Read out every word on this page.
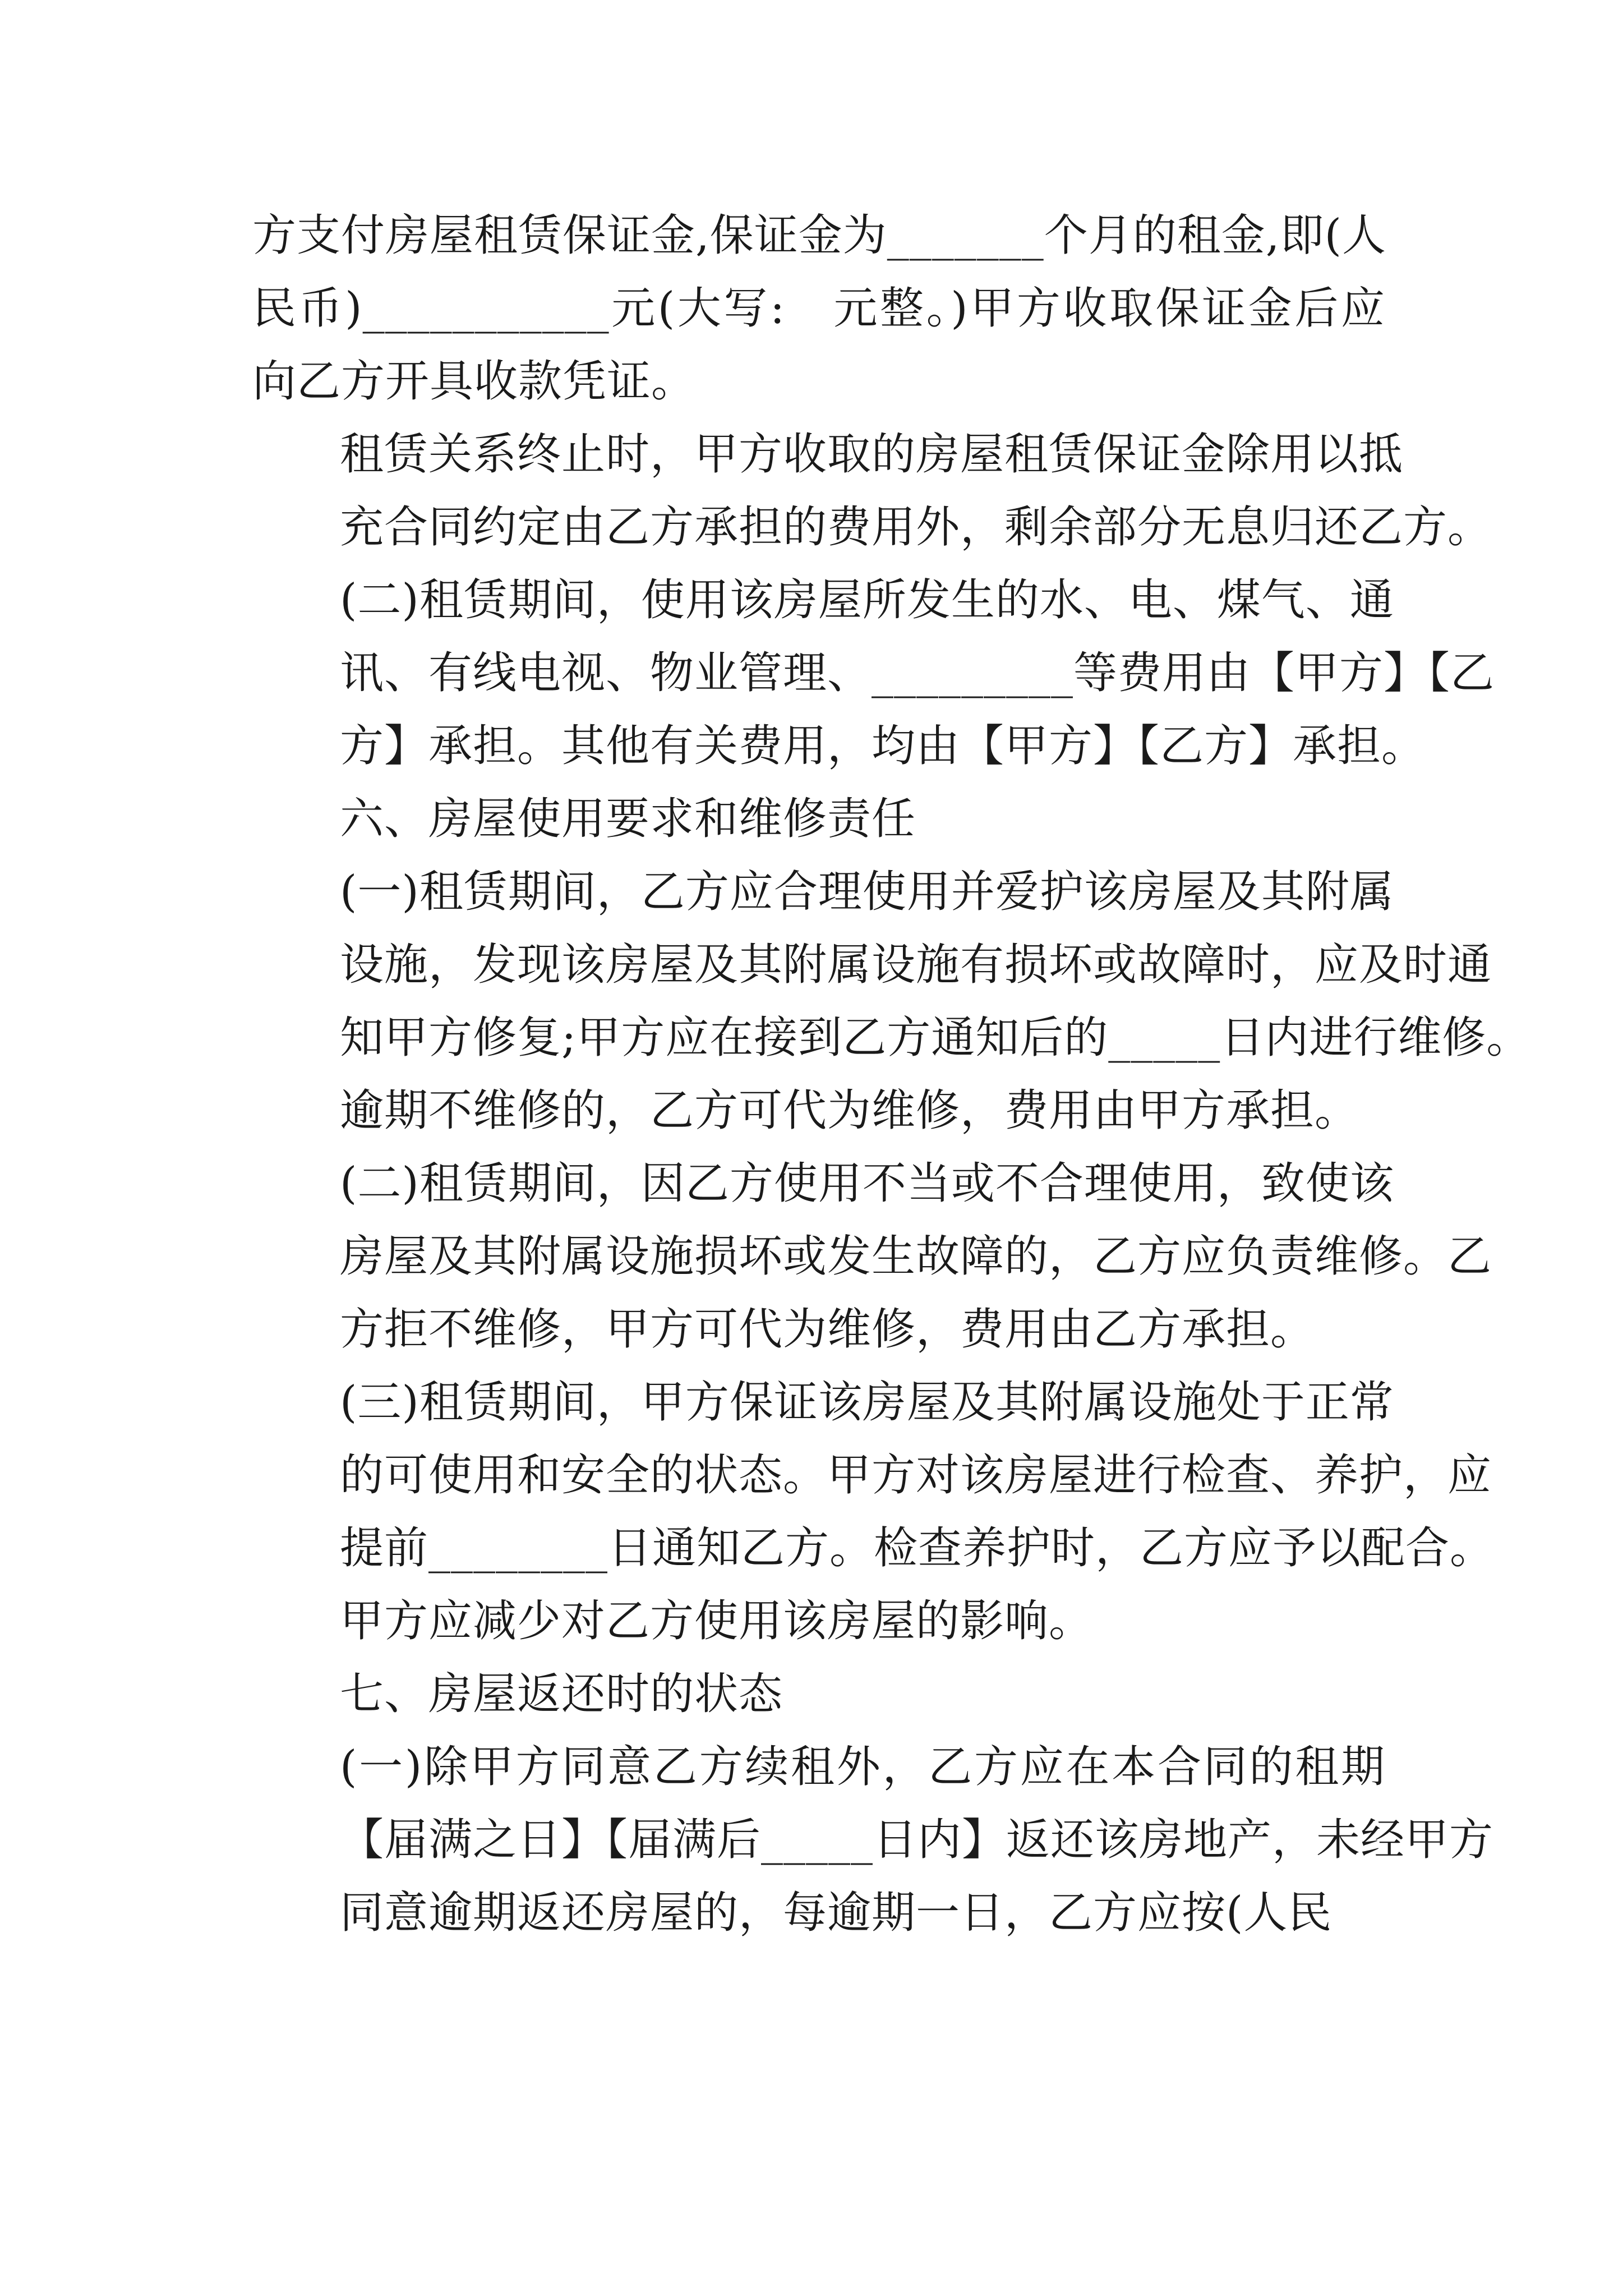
方支付房屋租赁保证金,保证金为_______个月的租金,即(人
民币)___________元(大写:　元整。)甲方收取保证金后应
向乙方开具收款凭证。

租赁关系终止时，甲方收取的房屋租赁保证金除用以抵
充合同约定由乙方承担的费用外，剩余部分无息归还乙方。

(二)租赁期间，使用该房屋所发生的水、电、煤气、通
讯、有线电视、物业管理、_________等费用由【甲方】【乙
方】承担。其他有关费用，均由【甲方】【乙方】承担。

六、房屋使用要求和维修责任

(一)租赁期间，乙方应合理使用并爱护该房屋及其附属
设施，发现该房屋及其附属设施有损坏或故障时，应及时通
知甲方修复;甲方应在接到乙方通知后的_____日内进行维修。
逾期不维修的，乙方可代为维修，费用由甲方承担。

(二)租赁期间，因乙方使用不当或不合理使用，致使该
房屋及其附属设施损坏或发生故障的，乙方应负责维修。乙
方拒不维修，甲方可代为维修，费用由乙方承担。

(三)租赁期间，甲方保证该房屋及其附属设施处于正常
的可使用和安全的状态。甲方对该房屋进行检查、养护，应
提前________日通知乙方。检查养护时，乙方应予以配合。
甲方应减少对乙方使用该房屋的影响。

七、房屋返还时的状态

(一)除甲方同意乙方续租外，乙方应在本合同的租期
【届满之日】【届满后_____日内】返还该房地产，未经甲方
同意逾期返还房屋的，每逾期一日，乙方应按(人民
